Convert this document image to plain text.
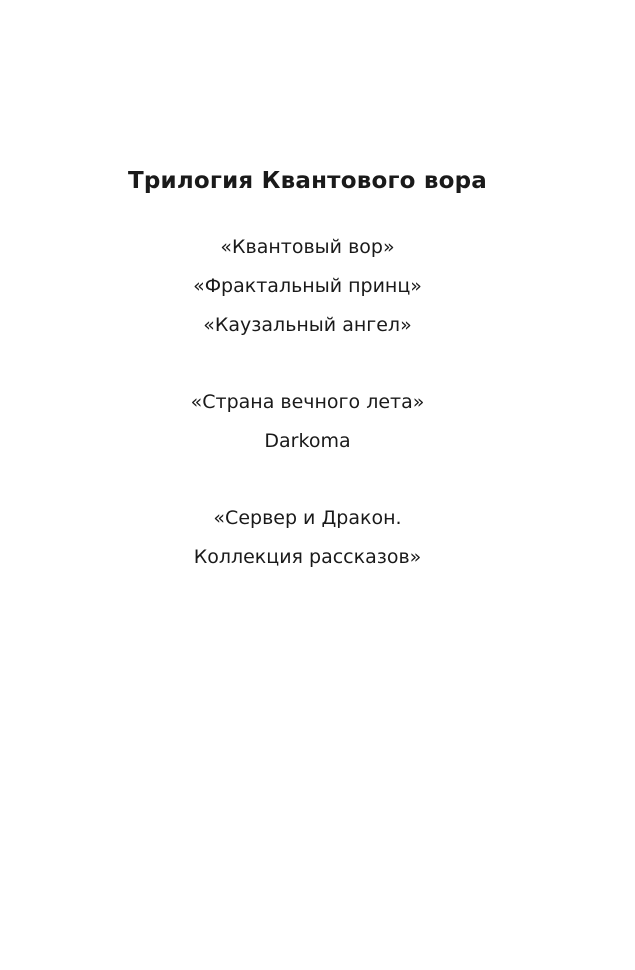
Трилогия Квантового вора

«Квантовый вор»

«Фрактальный принц»

«Каузальный ангел»

«Страна вечного лета»

Darkoma

«Сервер и Дракон.

Коллекция рассказов»
